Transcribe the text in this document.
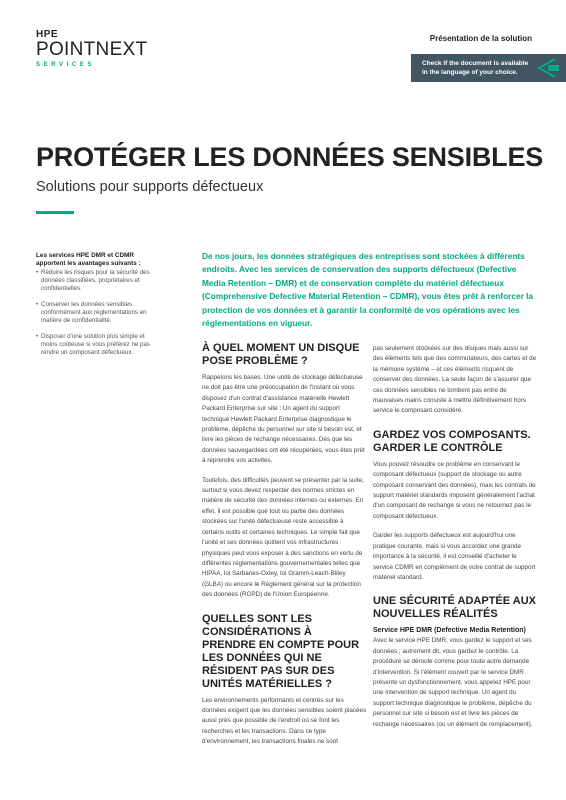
HPE
POINTNEXT
SERVICES
Présentation de la solution
Check if the document is available in the language of your choice.
PROTÉGER LES DONNÉES SENSIBLES
Solutions pour supports défectueux
Les services HPE DMR et CDMR apportent les avantages suivants :
• Réduire les risques pour la sécurité des données classifiées, propriétaires et confidentielles.
• Conserver les données sensibles conformément aux réglementations en matière de confidentialité.
• Disposer d'une solution plus simple et moins coûteuse si vous préférez ne pas rendre un composant défectueux.
De nos jours, les données stratégiques des entreprises sont stockées à différents endroits. Avec les services de conservation des supports défectueux (Defective Media Retention – DMR) et de conservation complète du matériel défectueux (Comprehensive Defective Material Retention – CDMR), vous êtes prêt à renforcer la protection de vos données et à garantir la conformité de vos opérations avec les réglementations en vigueur.
À QUEL MOMENT UN DISQUE POSE PROBLÈME ?

Rappelons les bases. Une unité de stockage défectueuse ne doit pas être une préoccupation de l'instant où vous disposez d'un contrat d'assistance matérielle Hewlett Packard Enterprise sur site : Un agent du support technique Hewlett Packard Enterprise diagnostique le problème, dépêche du personnel sur site si besoin est, et livre les pièces de rechange nécessaires. Dès que les données sauvegardées ont été récupérées, vous êtes prêt à reprendre vos activités.

Toutefois, des difficultés peuvent se présenter par la suite, surtout si vous devez respecter des normes strictes en matière de sécurité des données internes ou externes. En effet, il est possible que tout ou partie des données stockées sur l'unité défectueuse reste accessible à certains outils et certaines techniques. Le simple fait que l'unité et ses données quittent vos infrastructures physiques peut vous exposer à des sanctions en vertu de différentes réglementations gouvernementales telles que HIPAA, loi Sarbanes-Oxley, loi Gramm-Leach-Bliley (GLBA) ou encore le Règlement général sur la protection des données (RGPD) de l'Union Européenne.

QUELLES SONT LES CONSIDÉRATIONS À PRENDRE EN COMPTE POUR LES DONNÉES QUI NE RÉSIDENT PAS SUR DES UNITÉS MATÉRIELLES ?

Les environnements performants et centrés sur les données exigent que les données sensibles soient placées aussi près que possible de l'endroit où se font les recherches et les transactions. Dans ce type d'environnement, les transactions finales ne sont

pas seulement stockées sur des disques mais aussi sur des éléments tels que des commutateurs, des cartes et de la mémoire système – et ces éléments risquent de conserver des données. La seule façon de s'assurer que ces données sensibles ne tombent pas entre de mauvaises mains consiste à mettre définitivement hors service le composant considéré.

GARDEZ VOS COMPOSANTS. GARDER LE CONTRÔLE

Vous pouvez résoudre ce problème en conservant le composant défectueux (support de stockage ou autre composant conservant des données), mais les contrats de support matériel standards imposent généralement l'achat d'un composant de rechange si vous ne retournez pas le composant défectueux.

Garder les supports défectueux est aujourd'hui une pratique courante, mais si vous accordez une grande importance à la sécurité, il est conseillé d'acheter le service CDMR en complément de votre contrat de support matériel standard.

UNE SÉCURITÉ ADAPTÉE AUX NOUVELLES RÉALITÉS
Service HPE DMR (Defective Media Retention)

Avec le service HPE DMR, vous gardez le support et ses données ; autrement dit, vous gardez le contrôle. La procédure se déroule comme pour toute autre demande d'intervention. Si l'élément couvert par le service DMR présente un dysfonctionnement, vous appelez HPE pour une intervention de support technique. Un agent du support technique diagnostique le problème, dépêche du personnel sur site si besoin est et livre les pièces de rechange nécessaires (ou un élément de remplacement).
